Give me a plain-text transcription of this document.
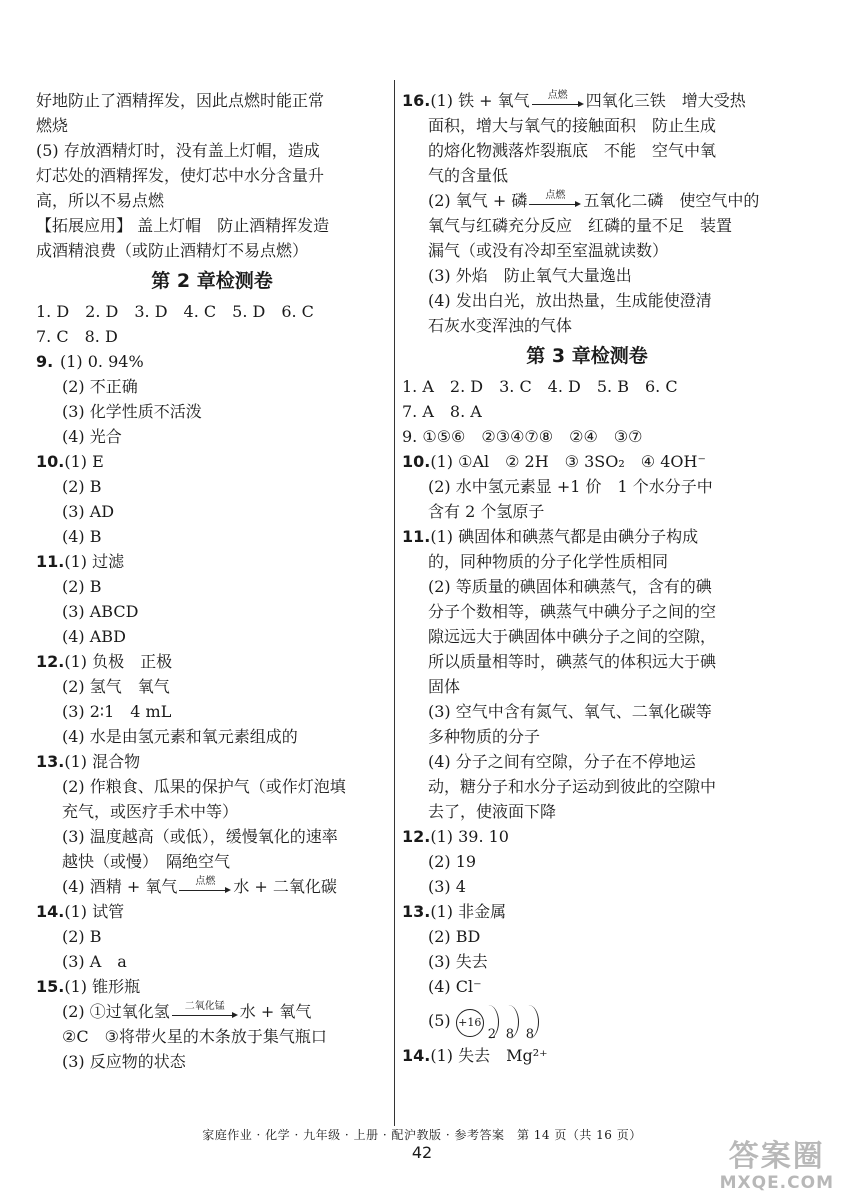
好地防止了酒精挥发，因此点燃时能正常
燃烧
(5) 存放酒精灯时，没有盖上灯帽，造成
灯芯处的酒精挥发，使灯芯中水分含量升
高，所以不易点燃
【拓展应用】 盖上灯帽　防止酒精挥发造
成酒精浪费（或防止酒精灯不易点燃）
第 2 章检测卷
1. D　2. D　3. D　4. C　5. D　6. C
7. C　8. D
9. (1) 0. 94%
(2) 不正确
(3) 化学性质不活泼
(4) 光合
10.(1) E
(2) B
(3) AD
(4) B
11.(1) 过滤
(2) B
(3) ABCD
(4) ABD
12.(1) 负极　正极
(2) 氢气　氧气
(3) 2∶1　4 mL
(4) 水是由氢元素和氧元素组成的
13.(1) 混合物
(2) 作粮食、瓜果的保护气（或作灯泡填
充气，或医疗手术中等）
(3) 温度越高（或低），缓慢氧化的速率
越快（或慢）　隔绝空气
(4) 酒精 + 氧气 点燃 水 + 二氧化碳
14.(1) 试管
(2) B
(3) A　a
15.(1) 锥形瓶
(2) ①过氧化氢 二氧化锰 水 + 氧气
②C　③将带火星的木条放于集气瓶口
(3) 反应物的状态
16.(1) 铁 + 氧气 点燃 四氧化三铁　增大受热
面积，增大与氧气的接触面积　防止生成
的熔化物溅落炸裂瓶底　不能　空气中氧
气的含量低
(2) 氧气 + 磷 点燃 五氧化二磷　使空气中的
氧气与红磷充分反应　红磷的量不足　装置
漏气（或没有冷却至室温就读数）
(3) 外焰　防止氧气大量逸出
(4) 发出白光，放出热量，生成能使澄清
石灰水变浑浊的气体
第 3 章检测卷
1. A　2. D　3. C　4. D　5. B　6. C
7. A　8. A
9. ①⑤⑥　②③④⑦⑧　②④　③⑦
10.(1) ①Al　② 2H　③ 3SO₂　④ 4OH⁻
(2) 水中氢元素显 +1 价　1 个水分子中
含有 2 个氢原子
11.(1) 碘固体和碘蒸气都是由碘分子构成
的，同种物质的分子化学性质相同
(2) 等质量的碘固体和碘蒸气，含有的碘
分子个数相等，碘蒸气中碘分子之间的空
隙远远大于碘固体中碘分子之间的空隙，
所以质量相等时，碘蒸气的体积远大于碘
固体
(3) 空气中含有氮气、氧气、二氧化碳等
多种物质的分子
(4) 分子之间有空隙，分子在不停地运
动，糖分子和水分子运动到彼此的空隙中
去了，使液面下降
12.(1) 39. 10
(2) 19
(3) 4
13.(1) 非金属
(2) BD
(3) 失去
(4) Cl⁻
(5) +16
2 8 8
14.(1) 失去　Mg²⁺
家庭作业 · 化学 · 九年级 · 上册 · 配沪教版 · 参考答案　第 14 页（共 16 页）
42	答案圈
MXQE.COM
